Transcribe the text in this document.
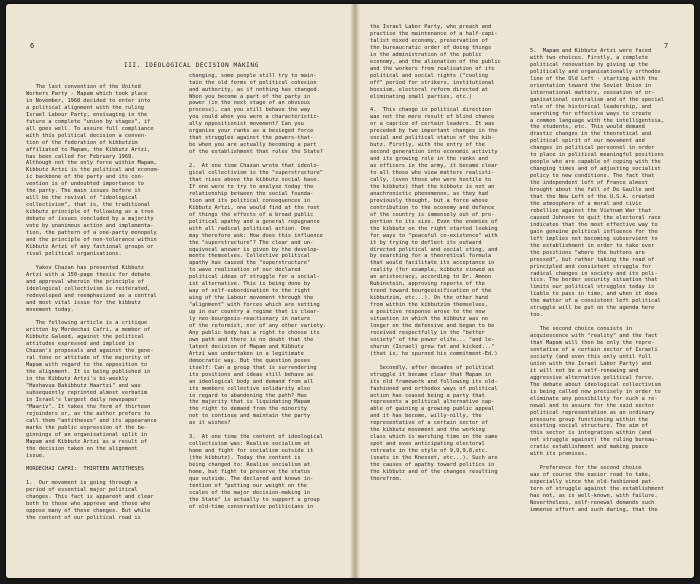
6
III. IDEOLOGICAL DECISION MAKING
The last convention of the United
Workers Party - Mapam which took place
in November, 1968 decided to enter into
a political alignment with the ruling
Israel Labour Party, envisaging in the
future a complete "union by stages", if
all goes well. To assure full compliance
with this political decision a conven-
tion of the federation of kibbutzim
affiliated to Mapam, the Kibbutz Artzi,
has been called for February 1969.
Although not the only force within Mapam,
Kibbutz Artzi is the political and econom-
ic backbone of the party and its con-
vention is of undoubted importance to
the party. The main issues before it
will be the revival of "ideological
collectivism", that is, the traditional
kibbutz principle of following as a tree
debate of issues concluded by a majority
vote by unanimous action and implementa-
tion, the pattern of a one-party monopoly
and the principle of non-tolerance within
Kibbutz Artzi of any factional groups or
rival political organisations.

Yakov Chazan has presented Kibbutz
Artzi with a 150-page thesis for debate
and approval wherein the principle of
ideological collectivism is reiterated,
redeveloped and reemphasized as a central
and most vital issue for the kibbutz
movement today.

The following article is a critique
written by Mordechai Cafri, a member of
Kibbutz Galeed, against the political
attitudes expressed and implied in
Chazan's proposals and against the gene-
ral tone or attitude of the majority of
Mapam with regard to the opposition to
the alignment. It is being published in
in the Kibbutz Artzi's bi-weekly
"Hashavua Bakibbutz Haartzi" and was
subsequently reprinted almost verbatim
in Israel's largest daily newspaper
"Maariv". It takes the form of thirteen
rejoinders or, as the author prefers to
call them "antitheses" and its appearance
marks the public expression of the be-
ginnings of an organisational split in
Mapam and Kibbutz Artzi as a result of
the decision taken on the alignment
issue.

MORDECHAI CAFRI:  THIRTEEN ANTITHESES

1.  Our movement is going through a
period of essential major political
changes. This fact is apparent and clear
both to those who approve and those who
oppose many of these changes. But while
the content of our political road is

changing, some people still try to main-
tain the old forms of political cohesion
and authority, as if nothing has changed.
When you become a part of the party in
power (in the next stage of an obvious
process), can you still behave the way
you could when you were a characteristic-
ally oppositionist movement? Can you
organise your ranks as a besieged force
that struggles against the powers-that-
be when you are actually becoming a part
of the establishment that rules the State?

2.  At one time Chazan wrote that ideolo-
gical collectivism is the "superstructure"
that rises above the kibbutz social base.
If one were to try to analyse today the
relationship between the social founda-
tion and its political consequences in
Kibbutz Artzi, one would find at the root
of things the effects of a broad public
political apathy and a general repugnance
with all radical political action. One
may therefore ask: How does this influence
the "superstructure"? The clear and un-
equivocal answer is given by the develop-
ments themselves. Collective political
apathy has caused the "superstructure"
to wave realisation of our declared
political ideas of struggle for a social-
ist alternative. This is being done by
way of self-subordination to the right
wing of the Labour movement through the
"alignment" with forces which are setting
up in our country a regime that is clear-
ly neo-bourgeois-reactionary in nature
of the reformist, nor of any other variety.
Any public body has a right to choose its
own path and there is no doubt that the
latest decision of Mapam and Kibbutz
Artzi was undertaken in a legitimate
democratic way. But the question poses
itself: Can a group that is surrendering
its positions and ideas still behave as
an ideological body and demand from all
its members collective solidarity also
in regard to abandoning the path? Has
the majority that is liquidating Mapam
the right to demand from the minority
not to continue and maintain the party
as it wishes?

3.  At one time the content of ideological
collectivism was: Realise socialism at
home and fight for socialism outside it
(the kibbutz). Today the content is
being changed to: Realise socialism at
home, but fight to preserve the status
quo outside. The declared and known in-
tention of "putting our weight on the
scales of the major decision-making in
the State" is actually to support a group
of old-time conservative politicians in
7
the Israel Labor Party, who preach and
practise the maintenance of a half-capi-
talist mixed economy, preservation of
the bureaucratic order of doing things
in the administration of the public
economy, and the alienation of the public
and the workers from realisation of its
political and social rights ("cooling
off" period for strikers, institutional
bossism, electoral reform directed at
eliminating small parties, etc.)

4.  This change in political direction
was not the mere result of blind chance
or a caprice of certain leaders. It was
preceded by two important changes in the
social and political status of the kib-
butz. Firstly, with the entry of the
second generation into economic activity
and its growing role in the ranks and
as officers in the army, it became clear
to all those who view matters realisti-
cally, (even those who were hostile to
the kibbutz) that the kibbutz is not an
anachronistic phenomenon, as they had
previously thought, but a force whose
contribution to the economy and defence
of the country is immensely out of pro-
portion to its size. Even the enemies of
the kibbutz on the right started looking
for ways to "peaceful co-existence" with
it by trying to deflect its outward
directed political and social sting, and
by searching for a theoretical formula
that would facilitate its acceptance in
reality (for example, kibbutz viewed as
an aristocracy, according to Dr. Amnon
Rubinstein, approving reports of the
trend toward bourgeoisification of the
kibbutzim, etc...). On the other hand
from within the kibbutzim themselves,
a positive response arose to the new
situation in which the kibbutz was no
longer on the defensive and began to be
received respectfully in the "better
society" of the power elite... "and le-
shurun (Israel) grew fat and kicked..."
(that is, he spurned his commitment-Ed.)

Secondly, after decades of political
struggle it became clear that Mapam in
its old framework and following its old-
fashioned and orthodox ways of political
action has ceased being a party that
represents a political alternative cap-
able of gaining a growing public appeal
and it has become, willy-nilly, the
representative of a certain sector of
the kibbutz movement and the working
class which is marching time on the same
spot and even anticipating electoral
retreats in the style of 9,9,9,8,etc.
(seats in the Knesset, etc...). Such are
the causes of apathy toward politics in
the kibbutz and of the changes resulting
therefrom.
5.  Mapam and Kibbutz Artzi were faced
with two choices. Firstly, a complete
political renovation by giving up the
politically and organisationally orthodox
line of the Old Left - starting with the
orientation toward the Soviet Union in
international matters, cessation of or-
ganisational centralism and of the special
role of the historical leadership, and
searching for effective ways to create
a common language with the intelligentsia,
the students, etc. This would demand
drastic changes in the theoretical and
political spirit of our movement and
changes in political personnel in order
to place in political meaningful positions
people who are capable of coping with the
changing times and of adjusting socialist
policy to new conditions. The fact that
the independent left of France almost
brought about the fall of De Gaulle and
that the New Left of the U.S.A. created
the atmosphere of a moral and civic
rebellion against the Vietnam War that
caused Johnson to quit the electoral race
indicates that the most effective way to
gain genuine political influence for the
left implies not becoming subservient to
the establishment in order to take over
the positions "where the buttons are
pressed", but rather taking the road of
principled and consistent struggle for
radical changes in society and its poli-
tics. The border security situation that
limits our political struggles today is
liable to pass in time, and when it does
the matter of a consistent left political
struggle will be put on the agenda here
too.

The second choice consists in
acquiescence with "reality" and the fact
that Mapam will then be only the repre-
sentative of a certain sector of Israeli
society (and even this only until full
union with the Israel Labor Party) and
it will not be a self-renewing and
aggressive alternative political force.
The debate about ideological collectivism
is being called now precisely in order to
eliminate any possibility for such a re-
newal and to assure for the said sector
political representation as an ordinary
pressure group functioning within the
existing social structure. The aim of
this sector is integration within (and
not struggle against) the ruling bureau-
cratic establishment and making peace
with its premises.

Preference for the second choice
was of course the easier road to take,
especially since the old-fashioned pat-
tern of struggle against the establishment
has not, as is well-known, with failure.
Nevertheless, self-renewal demands such
immense effort and such daring, that the
